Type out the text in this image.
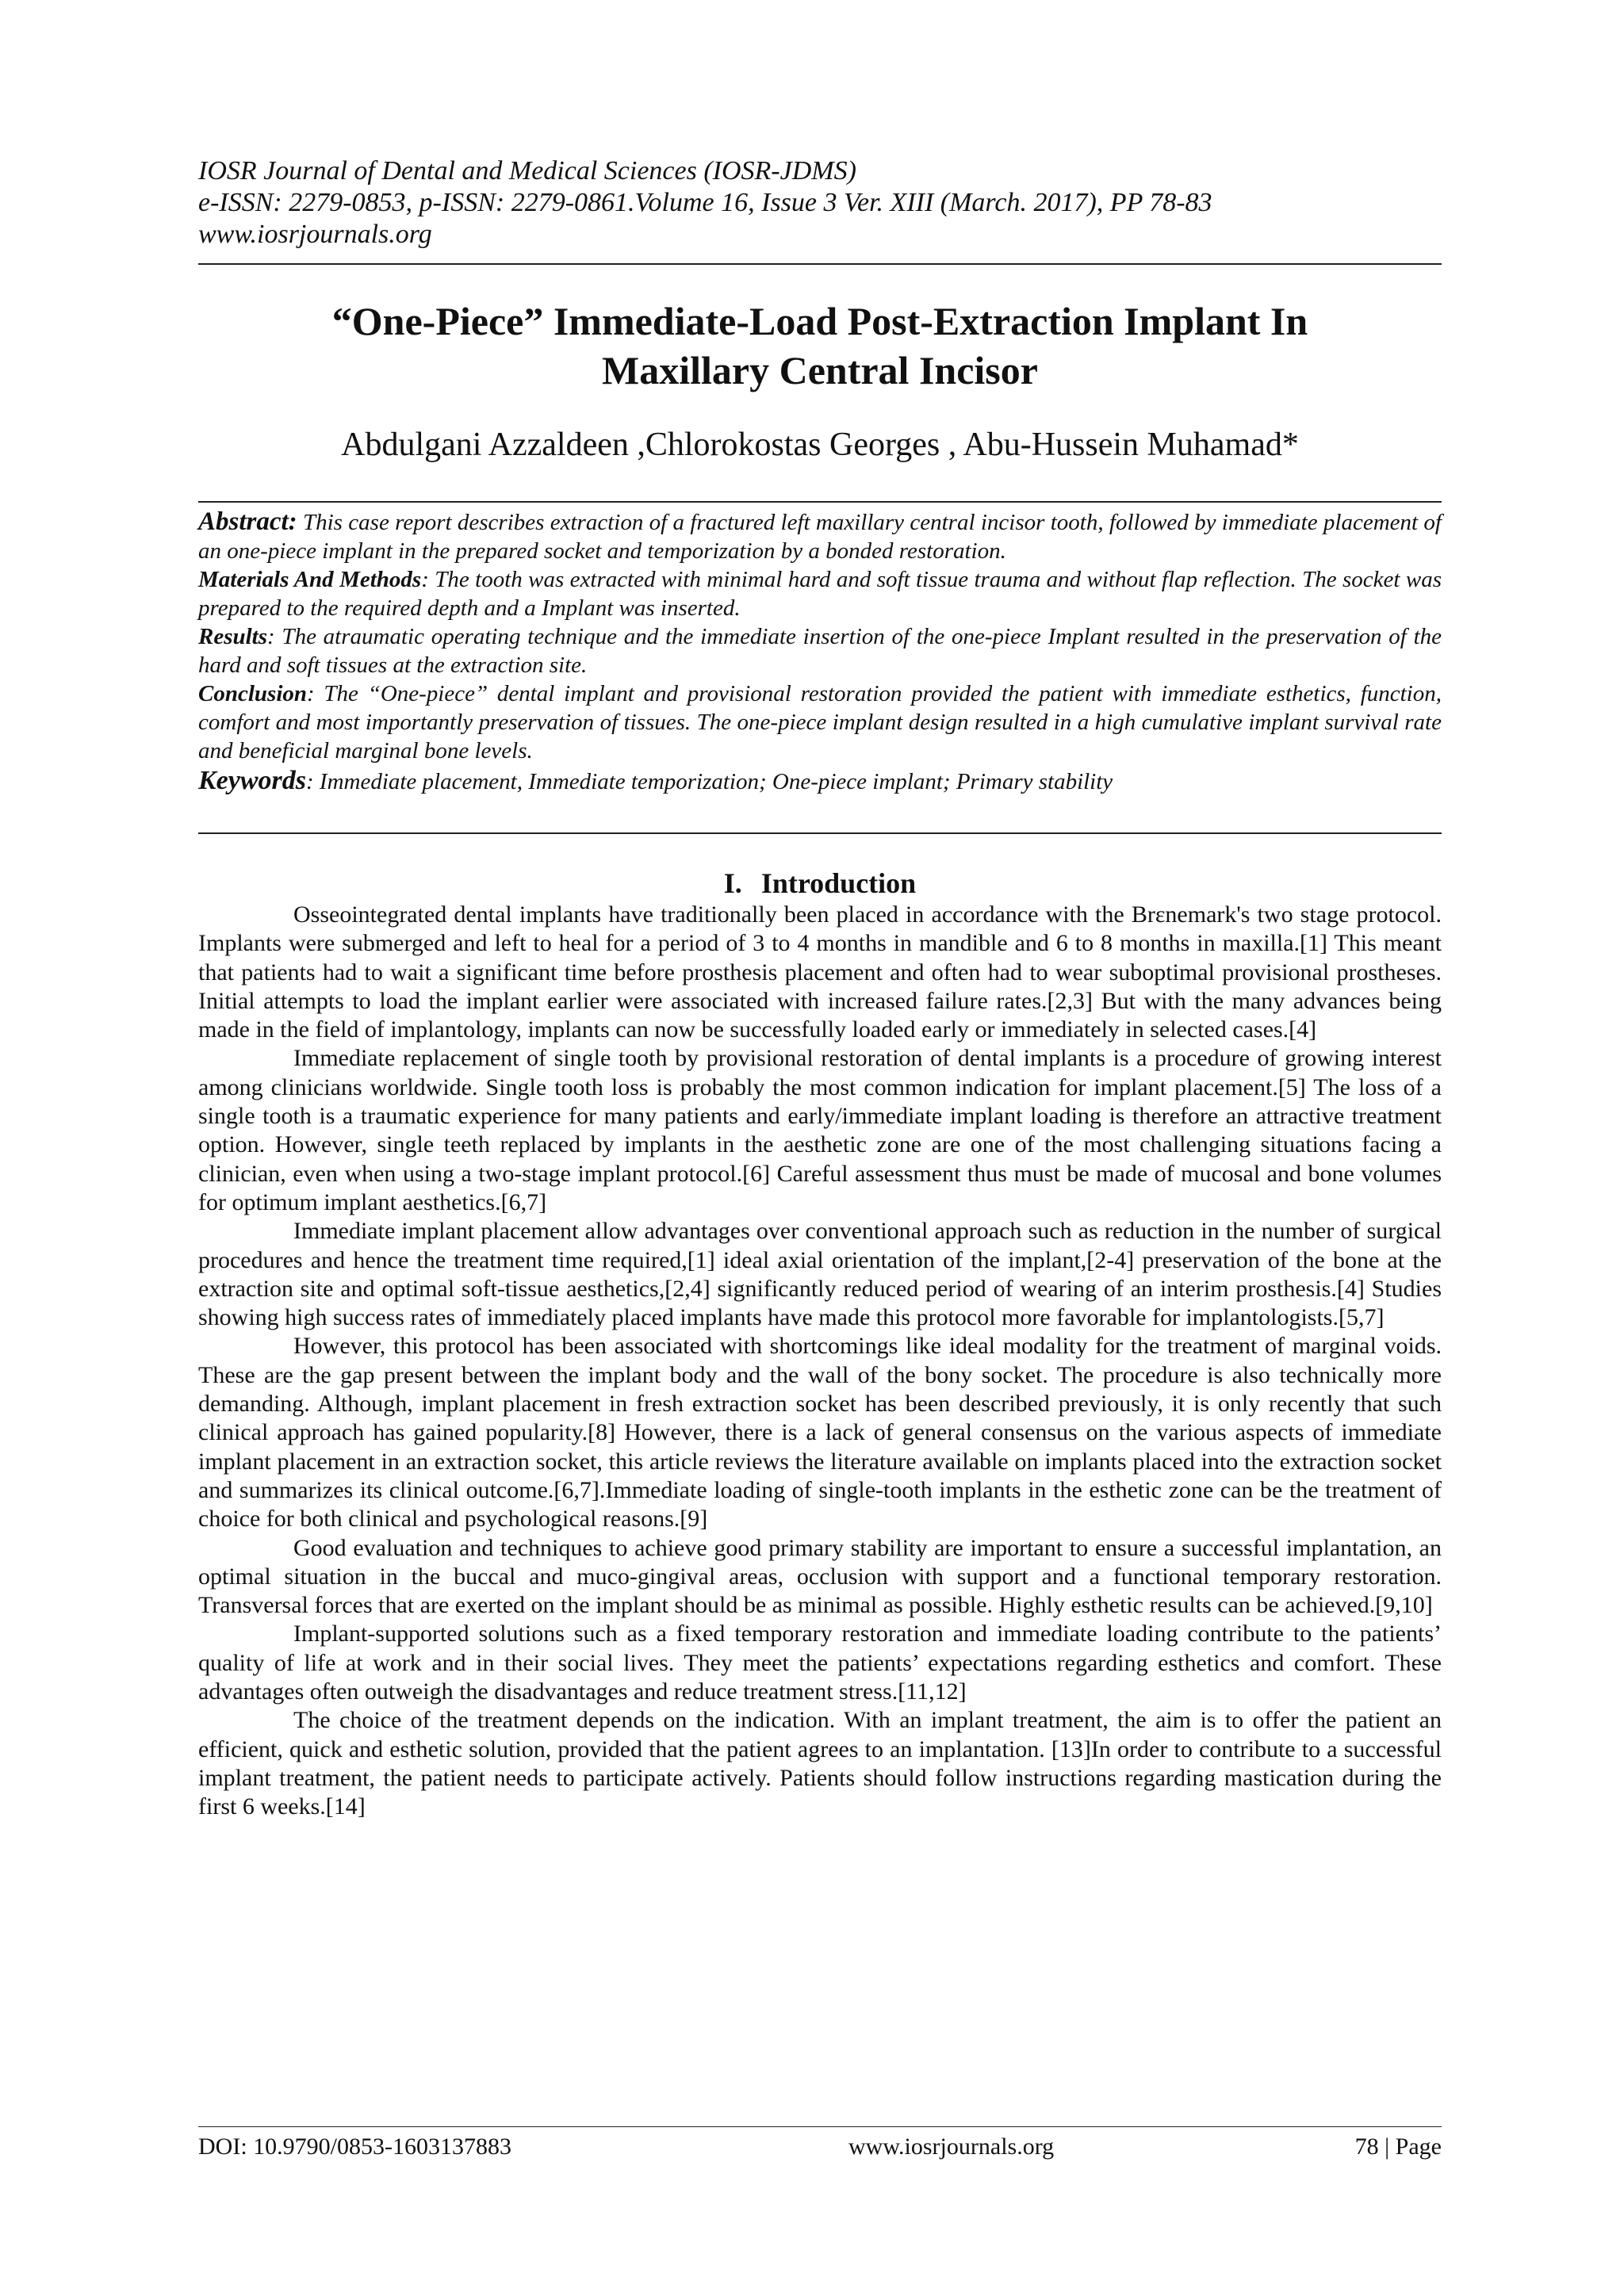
IOSR Journal of Dental and Medical Sciences (IOSR-JDMS)
e-ISSN: 2279-0853, p-ISSN: 2279-0861.Volume 16, Issue 3 Ver. XIII (March. 2017), PP 78-83
www.iosrjournals.org
“One-Piece” Immediate-Load Post-Extraction Implant In
Maxillary Central Incisor
Abdulgani Azzaldeen ,Chlorokostas Georges , Abu-Hussein Muhamad*

Abstract: This case report describes extraction of a fractured left maxillary central incisor tooth, followed by immediate placement of an one-piece implant in the prepared socket and temporization by a bonded restoration.

Materials And Methods: The tooth was extracted with minimal hard and soft tissue trauma and without flap reflection. The socket was prepared to the required depth and a Implant was inserted.

Results: The atraumatic operating technique and the immediate insertion of the one-piece Implant resulted in the preservation of the hard and soft tissues at the extraction site.

Conclusion: The “One-piece” dental implant and provisional restoration provided the patient with immediate esthetics, function, comfort and most importantly preservation of tissues. The one-piece implant design resulted in a high cumulative implant survival rate and beneficial marginal bone levels.

Keywords: Immediate placement, Immediate temporization; One-piece implant; Primary stability

I. Introduction

Osseointegrated dental implants have traditionally been placed in accordance with the Brɛnemark's two stage protocol. Implants were submerged and left to heal for a period of 3 to 4 months in mandible and 6 to 8 months in maxilla.[1] This meant that patients had to wait a significant time before prosthesis placement and often had to wear suboptimal provisional prostheses. Initial attempts to load the implant earlier were associated with increased failure rates.[2,3] But with the many advances being made in the field of implantology, implants can now be successfully loaded early or immediately in selected cases.[4]

Immediate replacement of single tooth by provisional restoration of dental implants is a procedure of growing interest among clinicians worldwide. Single tooth loss is probably the most common indication for implant placement.[5] The loss of a single tooth is a traumatic experience for many patients and early/immediate implant loading is therefore an attractive treatment option. However, single teeth replaced by implants in the aesthetic zone are one of the most challenging situations facing a clinician, even when using a two-stage implant protocol.[6] Careful assessment thus must be made of mucosal and bone volumes for optimum implant aesthetics.[6,7]

Immediate implant placement allow advantages over conventional approach such as reduction in the number of surgical procedures and hence the treatment time required,[1] ideal axial orientation of the implant,[2-4] preservation of the bone at the extraction site and optimal soft-tissue aesthetics,[2,4] significantly reduced period of wearing of an interim prosthesis.[4] Studies showing high success rates of immediately placed implants have made this protocol more favorable for implantologists.[5,7]

However, this protocol has been associated with shortcomings like ideal modality for the treatment of marginal voids. These are the gap present between the implant body and the wall of the bony socket. The procedure is also technically more demanding. Although, implant placement in fresh extraction socket has been described previously, it is only recently that such clinical approach has gained popularity.[8] However, there is a lack of general consensus on the various aspects of immediate implant placement in an extraction socket, this article reviews the literature available on implants placed into the extraction socket and summarizes its clinical outcome.[6,7].Immediate loading of single-tooth implants in the esthetic zone can be the treatment of choice for both clinical and psychological reasons.[9]

Good evaluation and techniques to achieve good primary stability are important to ensure a successful implantation, an optimal situation in the buccal and muco-gingival areas, occlusion with support and a functional temporary restoration. Transversal forces that are exerted on the implant should be as minimal as possible. Highly esthetic results can be achieved.[9,10]

Implant-supported solutions such as a fixed temporary restoration and immediate loading contribute to the patients’ quality of life at work and in their social lives. They meet the patients’ expectations regarding esthetics and comfort. These advantages often outweigh the disadvantages and reduce treatment stress.[11,12]

The choice of the treatment depends on the indication. With an implant treatment, the aim is to offer the patient an efficient, quick and esthetic solution, provided that the patient agrees to an implantation. [13]In order to contribute to a successful implant treatment, the patient needs to participate actively. Patients should follow instructions regarding mastication during the first 6 weeks.[14]

DOI: 10.9790/0853-1603137883	www.iosrjournals.org	78 | Page
